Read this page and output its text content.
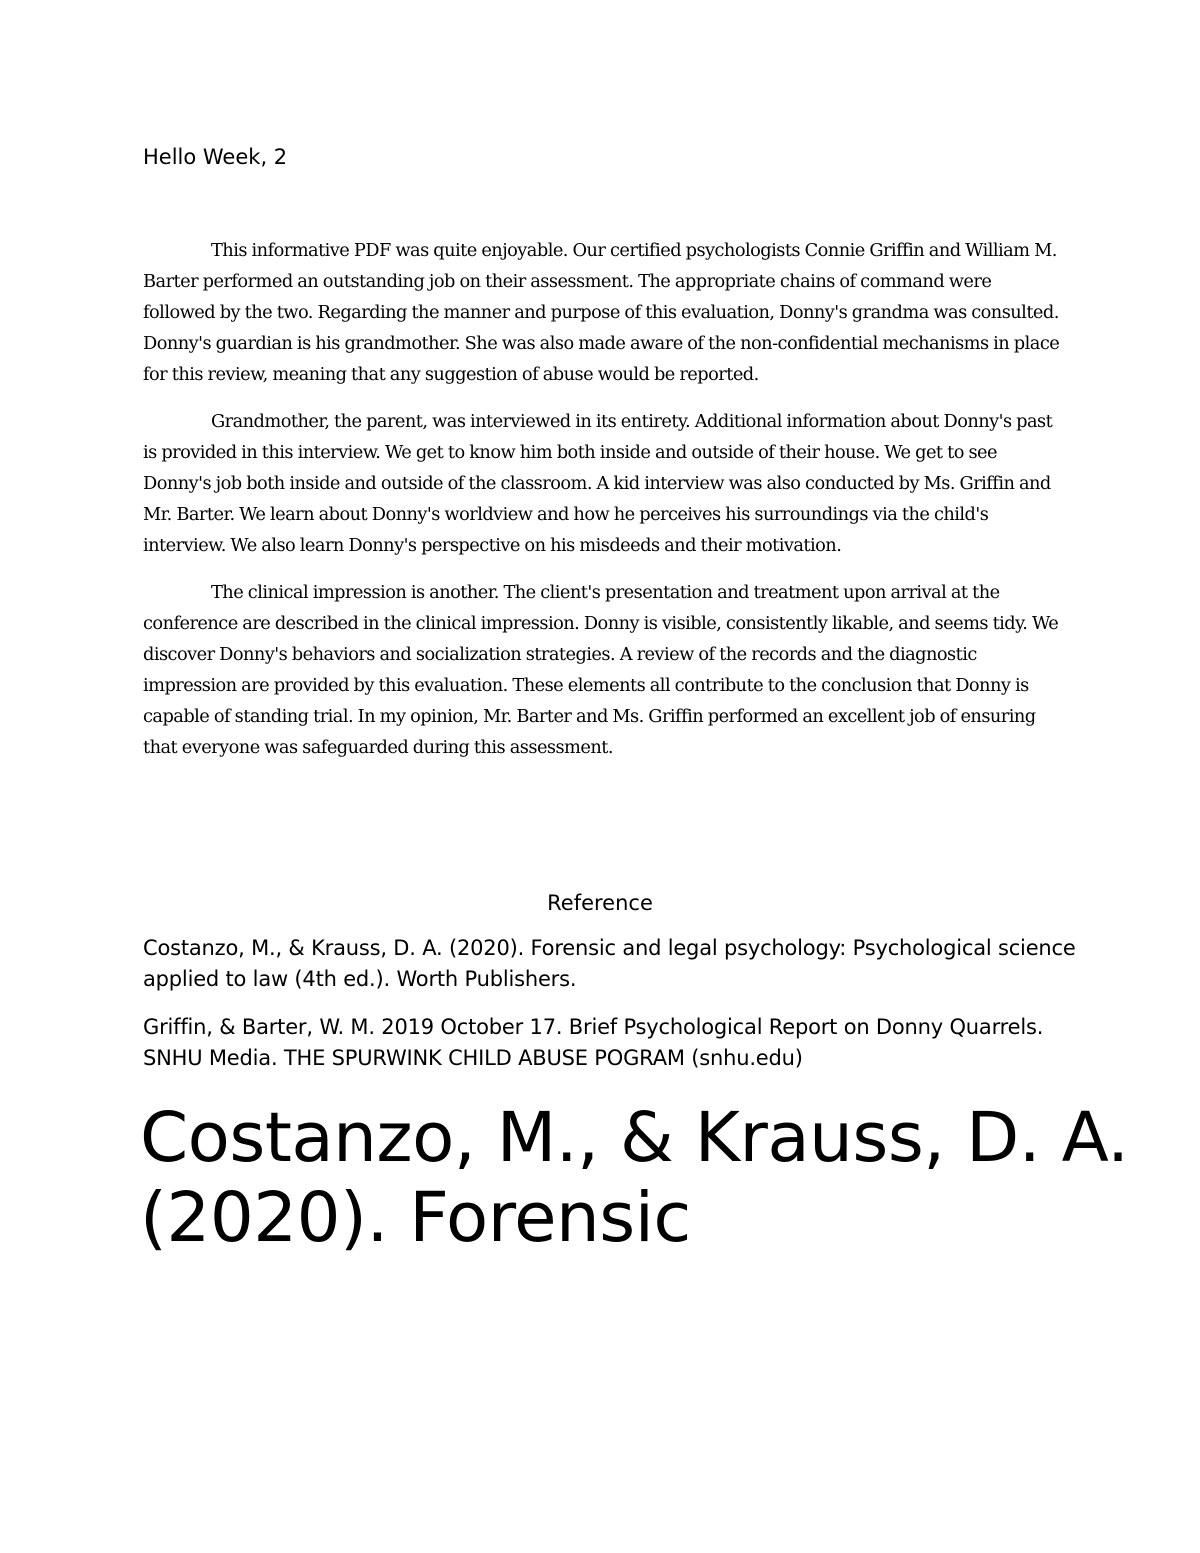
Hello Week, 2

This informative PDF was quite enjoyable. Our certified psychologists Connie Griffin and William M. Barter performed an outstanding job on their assessment. The appropriate chains of command were followed by the two. Regarding the manner and purpose of this evaluation, Donny's grandma was consulted. Donny's guardian is his grandmother. She was also made aware of the non-confidential mechanisms in place for this review, meaning that any suggestion of abuse would be reported.

Grandmother, the parent, was interviewed in its entirety. Additional information about Donny's past is provided in this interview. We get to know him both inside and outside of their house. We get to see Donny's job both inside and outside of the classroom. A kid interview was also conducted by Ms. Griffin and Mr. Barter. We learn about Donny's worldview and how he perceives his surroundings via the child's interview. We also learn Donny's perspective on his misdeeds and their motivation.

The clinical impression is another. The client's presentation and treatment upon arrival at the conference are described in the clinical impression. Donny is visible, consistently likable, and seems tidy. We discover Donny's behaviors and socialization strategies. A review of the records and the diagnostic impression are provided by this evaluation. These elements all contribute to the conclusion that Donny is capable of standing trial. In my opinion, Mr. Barter and Ms. Griffin performed an excellent job of ensuring that everyone was safeguarded during this assessment.

Reference

Costanzo, M., & Krauss, D. A. (2020). Forensic and legal psychology: Psychological science applied to law (4th ed.). Worth Publishers.

Griffin, & Barter, W. M. 2019 October 17. Brief Psychological Report on Donny Quarrels. SNHU Media. THE SPURWINK CHILD ABUSE POGRAM (snhu.edu)

Costanzo, M., & Krauss, D. A. (2020). Forensic
